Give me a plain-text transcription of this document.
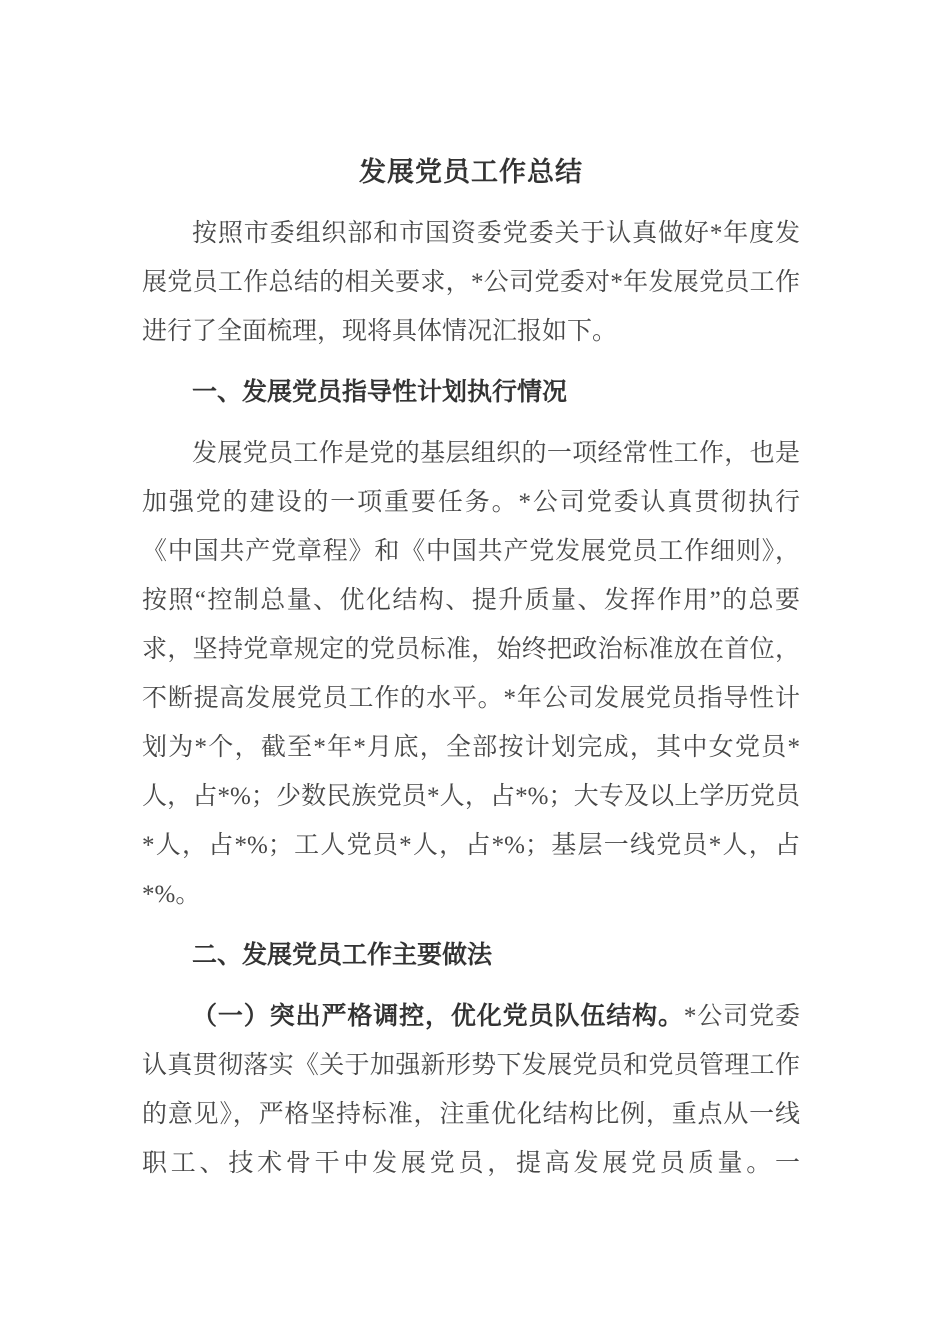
发展党员工作总结

按照市委组织部和市国资委党委关于认真做好*年度发展党员工作总结的相关要求，*公司党委对*年发展党员工作进行了全面梳理，现将具体情况汇报如下。

一、发展党员指导性计划执行情况

发展党员工作是党的基层组织的一项经常性工作，也是加强党的建设的一项重要任务。*公司党委认真贯彻执行《中国共产党章程》和《中国共产党发展党员工作细则》，按照“控制总量、优化结构、提升质量、发挥作用”的总要求，坚持党章规定的党员标准，始终把政治标准放在首位，不断提高发展党员工作的水平。*年公司发展党员指导性计划为*个，截至*年*月底，全部按计划完成，其中女党员*人，占*%；少数民族党员*人，占*%；大专及以上学历党员*人，占*%；工人党员*人，占*%；基层一线党员*人，占*%。

二、发展党员工作主要做法

（一）突出严格调控，优化党员队伍结构。*公司党委认真贯彻落实《关于加强新形势下发展党员和党员管理工作的意见》，严格坚持标准，注重优化结构比例，重点从一线职工、技术骨干中发展党员，提高发展党员质量。一
